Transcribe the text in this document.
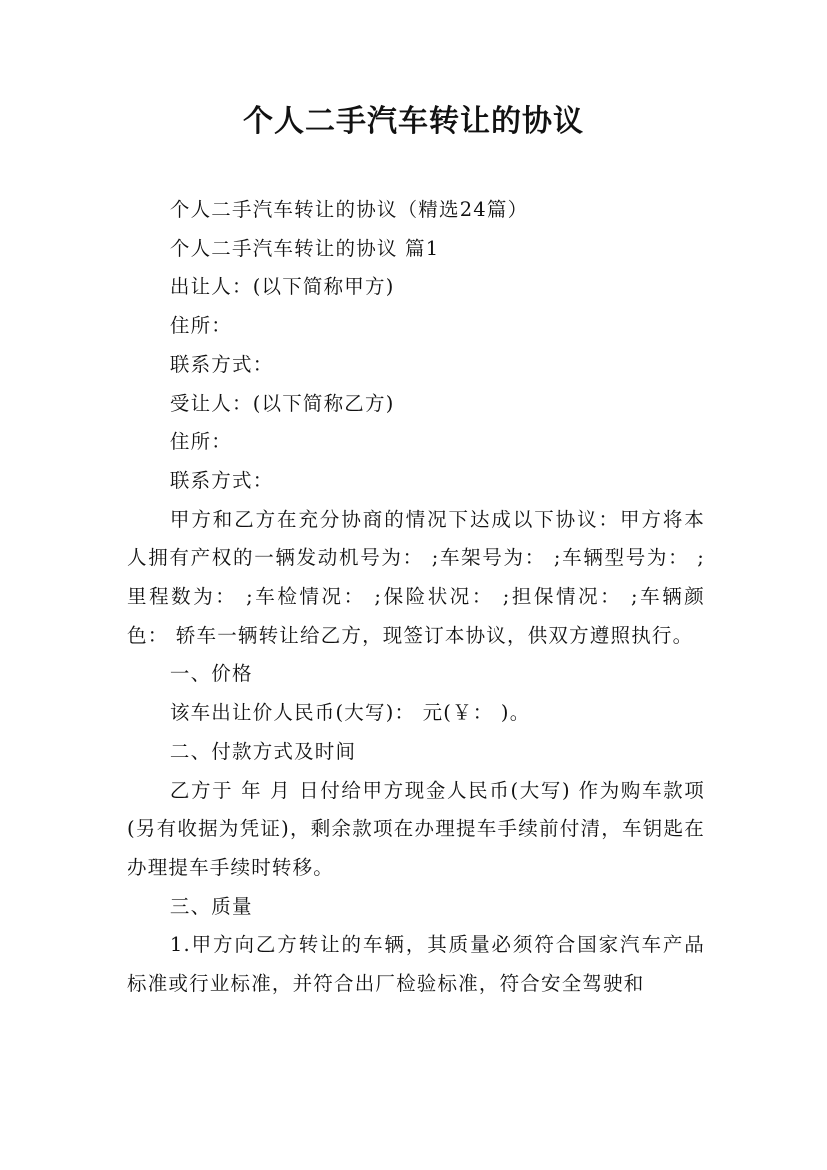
个人二手汽车转让的协议

个人二手汽车转让的协议（精选24篇）

个人二手汽车转让的协议 篇1

出让人：(以下简称甲方)

住所：

联系方式：

受让人：(以下简称乙方)

住所：

联系方式：

甲方和乙方在充分协商的情况下达成以下协议：甲方将本人拥有产权的一辆发动机号为： ;车架号为： ;车辆型号为： ;里程数为： ;车检情况： ;保险状况： ;担保情况： ;车辆颜色： 轿车一辆转让给乙方，现签订本协议，供双方遵照执行。

一、价格

该车出让价人民币(大写)： 元(￥： )。

二、付款方式及时间

乙方于 年 月 日付给甲方现金人民币(大写) 作为购车款项(另有收据为凭证)，剩余款项在办理提车手续前付清，车钥匙在办理提车手续时转移。

三、质量

1.甲方向乙方转让的车辆，其质量必须符合国家汽车产品标准或行业标准，并符合出厂检验标准，符合安全驾驶和
